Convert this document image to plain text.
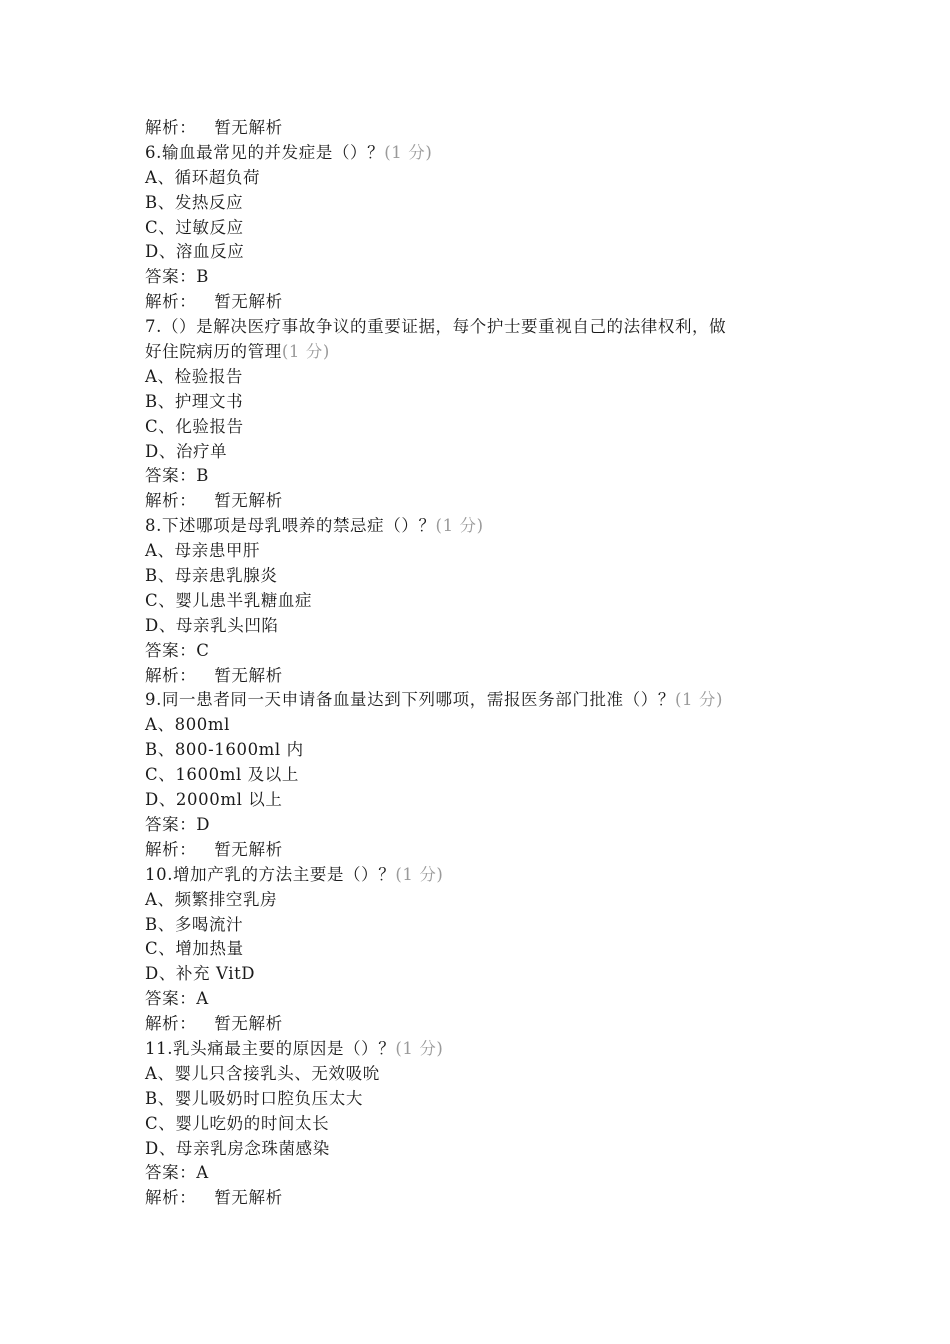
解析： 暂无解析
6.输血最常见的并发症是（）？(1 分)
A、循环超负荷
B、发热反应
C、过敏反应
D、溶血反应
答案：B
解析： 暂无解析
7.（）是解决医疗事故争议的重要证据，每个护士要重视自己的法律权利，做
好住院病历的管理(1 分)
A、检验报告
B、护理文书
C、化验报告
D、治疗单
答案：B
解析： 暂无解析
8.下述哪项是母乳喂养的禁忌症（）？(1 分)
A、母亲患甲肝
B、母亲患乳腺炎
C、婴儿患半乳糖血症
D、母亲乳头凹陷
答案：C
解析： 暂无解析
9.同一患者同一天申请备血量达到下列哪项，需报医务部门批准（）？(1 分)
A、800ml
B、800-1600ml 内
C、1600ml 及以上
D、2000ml 以上
答案：D
解析： 暂无解析
10.增加产乳的方法主要是（）？(1 分)
A、频繁排空乳房
B、多喝流汁
C、增加热量
D、补充 VitD
答案：A
解析： 暂无解析
11.乳头痛最主要的原因是（）？(1 分)
A、婴儿只含接乳头、无效吸吮
B、婴儿吸奶时口腔负压太大
C、婴儿吃奶的时间太长
D、母亲乳房念珠菌感染
答案：A
解析： 暂无解析
